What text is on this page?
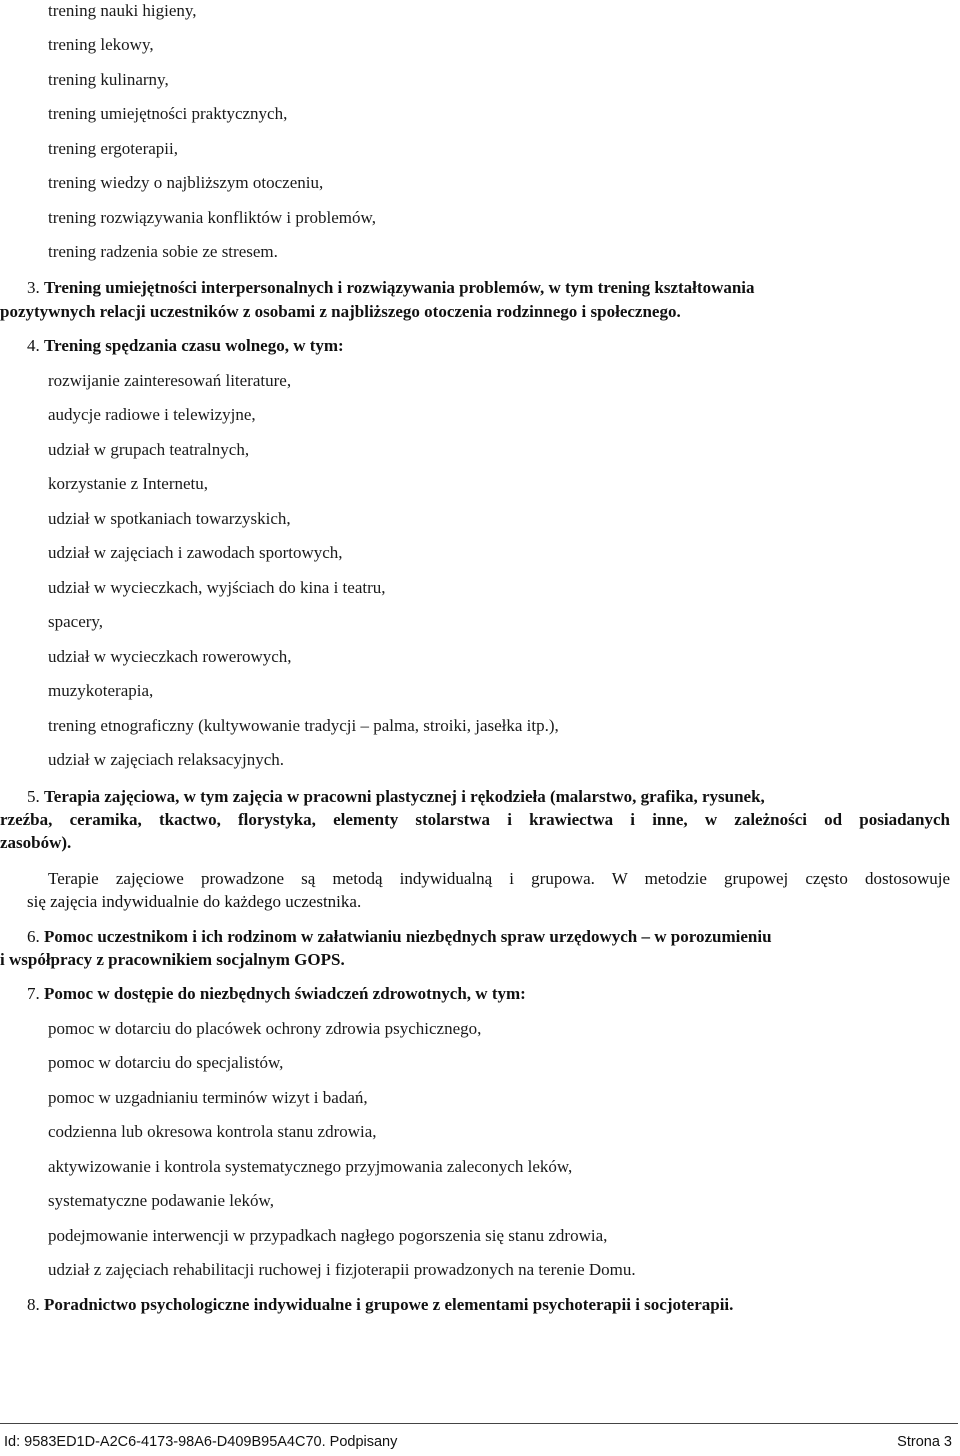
trening nauki higieny,
trening lekowy,
trening kulinarny,
trening umiejętności praktycznych,
trening ergoterapii,
trening wiedzy o najbliższym otoczeniu,
trening rozwiązywania konfliktów i problemów,
trening radzenia sobie ze stresem.
3. Trening umiejętności interpersonalnych i rozwiązywania problemów, w tym trening kształtowania
pozytywnych relacji uczestników z osobami z najbliższego otoczenia rodzinnego i społecznego.
4. Trening spędzania czasu wolnego, w tym:
rozwijanie zainteresowań literature,
audycje radiowe i telewizyjne,
udział w grupach teatralnych,
korzystanie z Internetu,
udział w spotkaniach towarzyskich,
udział w zajęciach i zawodach sportowych,
udział w wycieczkach, wyjściach do kina i teatru,
spacery,
udział w wycieczkach rowerowych,
muzykoterapia,
trening etnograficzny (kultywowanie tradycji – palma, stroiki, jasełka itp.),
udział w zajęciach relaksacyjnych.
5. Terapia zajęciowa, w tym zajęcia w pracowni plastycznej i rękodzieła (malarstwo, grafika, rysunek,
rzeźba, ceramika, tkactwo, florystyka, elementy stolarstwa i krawiectwa i inne, w zależności od posiadanych
zasobów).
Terapie zajęciowe prowadzone są metodą indywidualną i grupowa. W metodzie grupowej często dostosowuje
się zajęcia indywidualnie do każdego uczestnika.
6. Pomoc uczestnikom i ich rodzinom w załatwianiu niezbędnych spraw urzędowych – w porozumieniu
i współpracy z pracownikiem socjalnym GOPS.
7. Pomoc w dostępie do niezbędnych świadczeń zdrowotnych, w tym:
pomoc w dotarciu do placówek ochrony zdrowia psychicznego,
pomoc w dotarciu do specjalistów,
pomoc w uzgadnianiu terminów wizyt i badań,
codzienna lub okresowa kontrola stanu zdrowia,
aktywizowanie i kontrola systematycznego przyjmowania zaleconych leków,
systematyczne podawanie leków,
podejmowanie interwencji w przypadkach nagłego pogorszenia się stanu zdrowia,
udział z zajęciach rehabilitacji ruchowej i fizjoterapii prowadzonych na terenie Domu.
8. Poradnictwo psychologiczne indywidualne i grupowe z elementami psychoterapii i socjoterapii.
Id: 9583ED1D-A2C6-4173-98A6-D409B95A4C70. Podpisany	Strona 3
